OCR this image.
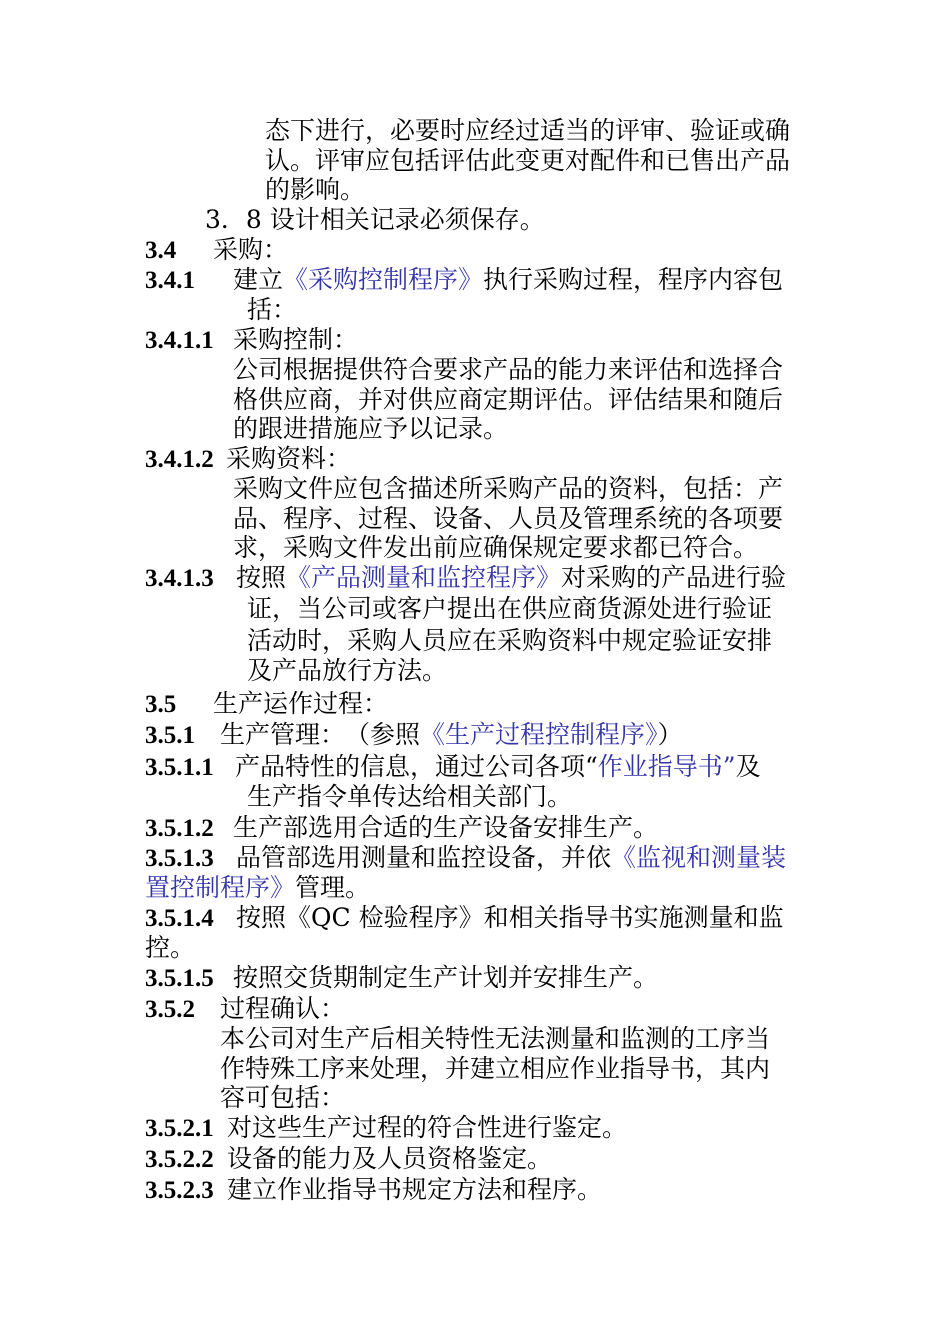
态下进行，必要时应经过适当的评审、验证或确
认。评审应包括评估此变更对配件和已售出产品
的影响。
3．8 设计相关记录必须保存。
3.4 采购：
3.4.1 建立《采购控制程序》执行采购过程，程序内容包
括：
3.4.1.1 采购控制：
公司根据提供符合要求产品的能力来评估和选择合
格供应商，并对供应商定期评估。评估结果和随后
的跟进措施应予以记录。
3.4.1.2 采购资料：
采购文件应包含描述所采购产品的资料，包括：产
品、程序、过程、设备、人员及管理系统的各项要
求，采购文件发出前应确保规定要求都已符合。
3.4.1.3 按照《产品测量和监控程序》对采购的产品进行验
证，当公司或客户提出在供应商货源处进行验证
活动时，采购人员应在采购资料中规定验证安排
及产品放行方法。
3.5 生产运作过程：
3.5.1 生产管理：　（参照《生产过程控制程序》）
3.5.1.1 产品特性的信息，通过公司各项“作业指导书”及
生产指令单传达给相关部门。
3.5.1.2 生产部选用合适的生产设备安排生产。
3.5.1.3 品管部选用测量和监控设备，并依《监视和测量装
置控制程序》管理。
3.5.1.4 按照《QC 检验程序》和相关指导书实施测量和监
控。
3.5.1.5 按照交货期制定生产计划并安排生产。
3.5.2 过程确认：
本公司对生产后相关特性无法测量和监测的工序当
作特殊工序来处理，并建立相应作业指导书，其内
容可包括：
3.5.2.1 对这些生产过程的符合性进行鉴定。
3.5.2.2 设备的能力及人员资格鉴定。
3.5.2.3 建立作业指导书规定方法和程序。
